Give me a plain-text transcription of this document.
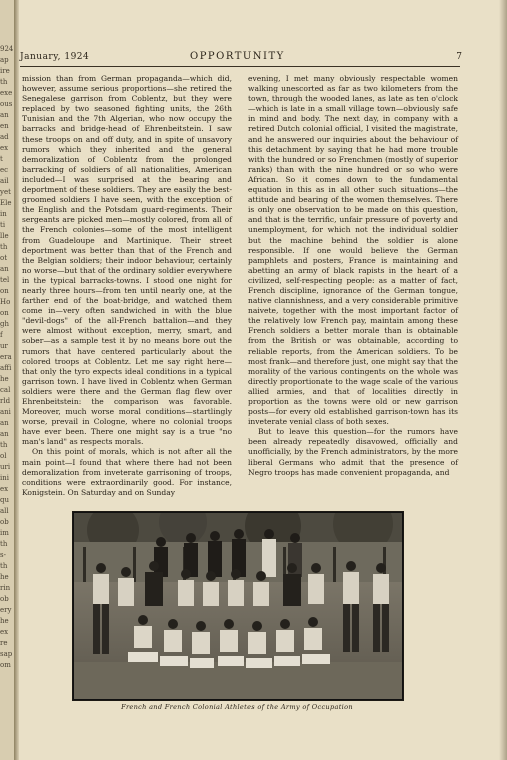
924
ap
ire
th
exe
ous
an
en
ad
ex
t
ec
ail
yet
Ele
in
ti
lle
th
ot
an
tel
on
Ho
on
gh
f
ur
era
affi
he
cal
rld
ani
an
an
th
ol
uri
ini
ex
qu
all
ob
im
th
s-
th
he
rin
ob
ery
he
ex
re
sap
om
January, 1924	OPPORTUNITY	7

mission than from German propaganda—which did, however, assume serious proportions—she retired the Senegalese garrison from Coblentz, but they were replaced by two seasoned fighting units, the 26th Tunisian and the 7th Algerian, who now occupy the barracks and bridge-head of Ehrenbeitstein. I saw these troops on and off duty, and in spite of unsavory rumors which they inherited and the general demoralization of Coblentz from the prolonged barracking of soldiers of all nationalities, American included—I was surprised at the bearing and deportment of these soldiers. They are easily the best-groomed soldiers I have seen, with the exception of the English and the Potsdam guard-regiments. Their sergeants are picked men—mostly colored, from all of the French colonies—some of the most intelligent from Guadeloupe and Martinique. Their street deportment was better than that of the French and the Belgian soldiers; their indoor behaviour, certainly no worse—but that of the ordinary soldier everywhere in the typical barracks-towns. I stood one night for nearly three hours—from ten until nearly one, at the farther end of the boat-bridge, and watched them come in—very often sandwiched in with the blue "devil-dogs" of the all-French battalion—and they were almost without exception, merry, smart, and sober—as a sample test it by no means bore out the rumors that have centered particularly about the colored troops at Coblentz. Let me say right here—that only the tyro expects ideal conditions in a typical garrison town. I have lived in Coblentz when German soldiers were there and the German flag flew over Ehrenbeitstein: the comparison was favorable. Moreover, much worse moral conditions—startlingly worse, prevail in Cologne, where no colonial troops have ever been. There one might say is a true "no man's land" as respects morals.

On this point of morals, which is not after all the main point—I found that where there had not been demoralization from inveterate garrisoning of troops, conditions were extraordinarily good. For instance, Konigstein. On Saturday and on Sunday

evening, I met many obviously respectable women walking unescorted as far as two kilometers from the town, through the wooded lanes, as late as ten o'clock—which is late in a small village town—obviously safe in mind and body. The next day, in company with a retired Dutch colonial official, I visited the magistrate, and he answered our inquiries about the behaviour of this detachment by saying that he had more trouble with the hundred or so Frenchmen (mostly of superior ranks) than with the nine hundred or so who were African. So it comes down to the fundamental equation in this as in all other such situations—the attitude and bearing of the women themselves. There is only one observation to be made on this question, and that is the terrific, unfair pressure of poverty and unemployment, for which not the individual soldier but the machine behind the soldier is alone responsible. If one would believe the German pamphlets and posters, France is maintaining and abetting an army of black rapists in the heart of a civilized, self-respecting people: as a matter of fact, French discipline, ignorance of the German tongue, native clannishness, and a very considerable primitive naivete, together with the most important factor of the relatively low French pay, maintain among these French soldiers a better morale than is obtainable from the British or was obtainable, according to reliable reports, from the American soldiers. To be most frank—and therefore just, one might say that the morality of the various contingents on the whole was directly proportionate to the wage scale of the various allied armies, and that of localities directly in proportion as the towns were old or new garrison posts—for every old established garrison-town has its inveterate venial class of both sexes.

But to leave this question—for the rumors have been already repeatedly disavowed, officially and unofficially, by the French administrators, by the more liberal Germans who admit that the presence of Negro troops has made convenient propaganda, and

French and French Colonial Athletes of the Army of Occupation
